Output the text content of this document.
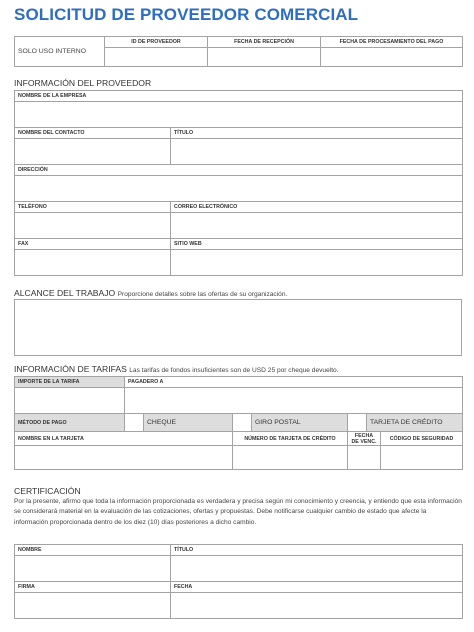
SOLICITUD DE PROVEEDOR COMERCIAL
SOLO USO INTERNO	ID DE PROVEEDOR	FECHA DE RECEPCIÓN	FECHA DE PROCESAMIENTO DEL PAGO

INFORMACIÓN DEL PROVEEDOR
NOMBRE DE LA EMPRESA	

NOMBRE DEL CONTACTO	TÍTULO

DIRECCIÓN	

TELÉFONO	CORREO ELECTRÓNICO

FAX	SITIO WEB

ALCANCE DEL TRABAJO Proporcione detalles sobre las ofertas de su organización.
INFORMACIÓN DE TARIFAS Las tarifas de fondos insuficientes son de USD 25 por cheque devuelto.
IMPORTE DE LA TARIFA	PAGADERO A						

MÉTODO DE PAGO		CHEQUE		GIRO POSTAL		TARJETA DE CRÉDITO	
NOMBRE EN LA TARJETA			NÚMERO DE TARJETA DE CRÉDITO		FECHA DE VENC.		CÓDIGO DE SEGURIDAD

CERTIFICACIÓN
Por la presente, afirmo que toda la información proporcionada es verdadera y precisa según mi conocimiento y creencia, y entiendo que esta información se considerará material en la evaluación de las cotizaciones, ofertas y propuestas. Debe notificarse cualquier cambio de estado que afecte la información proporcionada dentro de los diez (10) días posteriores a dicho cambio.
NOMBRE	TÍTULO

FIRMA	FECHA
